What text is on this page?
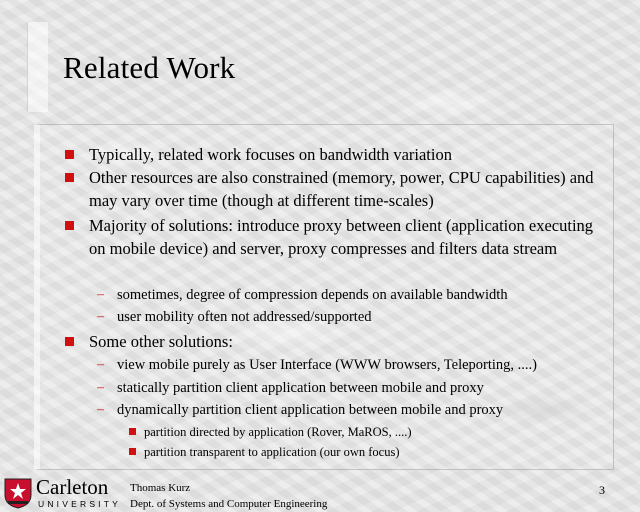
Related Work
Typically, related work focuses on bandwidth variation
Other resources are also constrained (memory, power, CPU capabilities) and may vary over time (though at different time-scales)
Majority of solutions: introduce proxy between client (application executing on mobile device) and server, proxy compresses and filters data stream
– sometimes, degree of compression depends on available bandwidth
– user mobility often not addressed/supported
Some other solutions:
– view mobile purely as User Interface (WWW browsers, Teleporting, ....)
– statically partition client application between mobile and proxy
– dynamically partition client application between mobile and proxy
partition directed by application (Rover, MaROS, ....)
partition transparent to application (our own focus)
Carleton
UNIVERSITY
Thomas Kurz
Dept. of Systems and Computer Engineering
3
